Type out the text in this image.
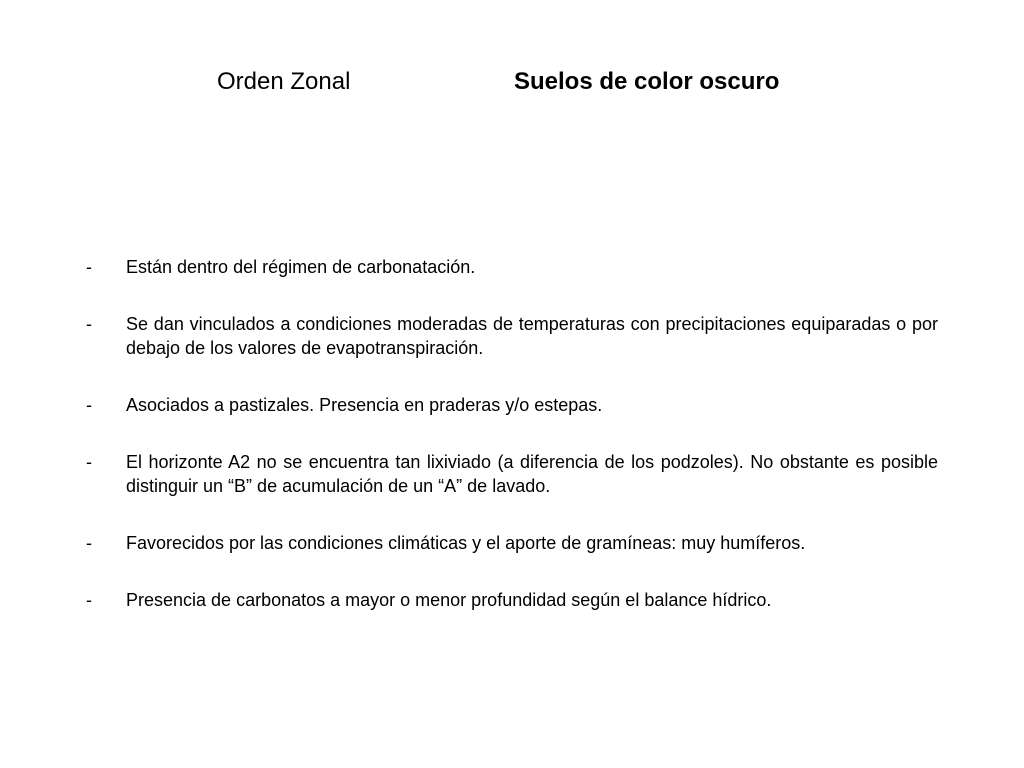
Orden Zonal	Suelos de color oscuro
-	Están dentro del régimen de carbonatación.
-	Se dan vinculados a condiciones moderadas de temperaturas con precipitaciones equiparadas o por debajo de los valores de evapotranspiración.
-	Asociados a pastizales. Presencia en praderas y/o estepas.
-	El horizonte A2 no se encuentra tan lixiviado (a diferencia de los podzoles). No obstante es posible distinguir un “B” de acumulación de un “A” de lavado.
-	Favorecidos por las condiciones climáticas y el aporte de gramíneas: muy humíferos.
-	Presencia de carbonatos a mayor o menor profundidad según el balance hídrico.
